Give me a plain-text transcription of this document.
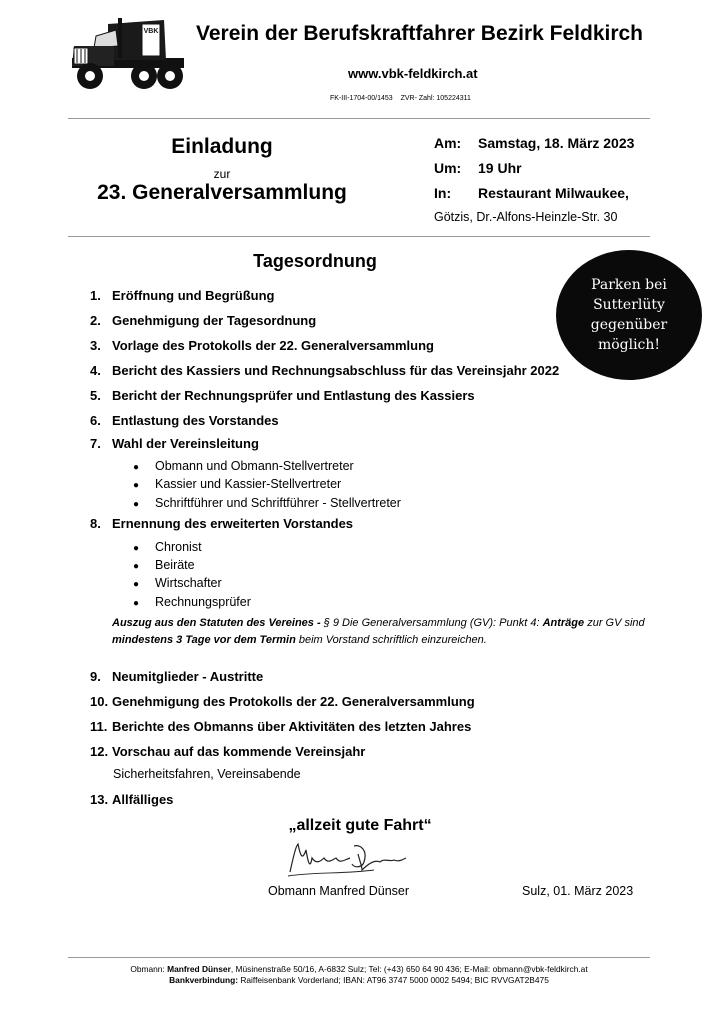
VBK Verein der Berufskraftfahrer Bezirk Feldkirch
www.vbk-feldkirch.at
FK-III-1704-00/1453 ZVR- Zahl: 105224311
Einladung
zur
23. Generalversammlung
Am: Samstag, 18. März 2023
Um: 19 Uhr
In: Restaurant Milwaukee,
Götzis, Dr.-Alfons-Heinzle-Str. 30
Tagesordnung
Parken bei
Sutterlüty
gegenüber
möglich!
1. Eröffnung und Begrüßung
2. Genehmigung der Tagesordnung
3. Vorlage des Protokolls der 22. Generalversammlung
4. Bericht des Kassiers und Rechnungsabschluss für das Vereinsjahr 2022
5. Bericht der Rechnungsprüfer und Entlastung des Kassiers
6. Entlastung des Vorstandes
7. Wahl der Vereinsleitung
● Obmann und Obmann-Stellvertreter
● Kassier und Kassier-Stellvertreter
● Schriftführer und Schriftführer - Stellvertreter
8. Ernennung des erweiterten Vorstandes
● Chronist
● Beiräte
● Wirtschafter
● Rechnungsprüfer
Auszug aus den Statuten des Vereines - § 9 Die Generalversammlung (GV): Punkt 4: Anträge zur GV sind mindestens 3 Tage vor dem Termin beim Vorstand schriftlich einzureichen.
9. Neumitglieder - Austritte
10. Genehmigung des Protokolls der 22. Generalversammlung
11. Berichte des Obmanns über Aktivitäten des letzten Jahres
12. Vorschau auf das kommende Vereinsjahr
Sicherheitsfahren, Vereinsabende
13. Allfälliges
„allzeit gute Fahrt“
Obmann Manfred Dünser	Sulz, 01. März 2023
Obmann: Manfred Dünser, Müsinenstraße 50/16, A-6832 Sulz; Tel: (+43) 650 64 90 436; E-Mail: obmann@vbk-feldkirch.at
Bankverbindung: Raiffeisenbank Vorderland; IBAN: AT96 3747 5000 0002 5494; BIC RVVGAT2B475
